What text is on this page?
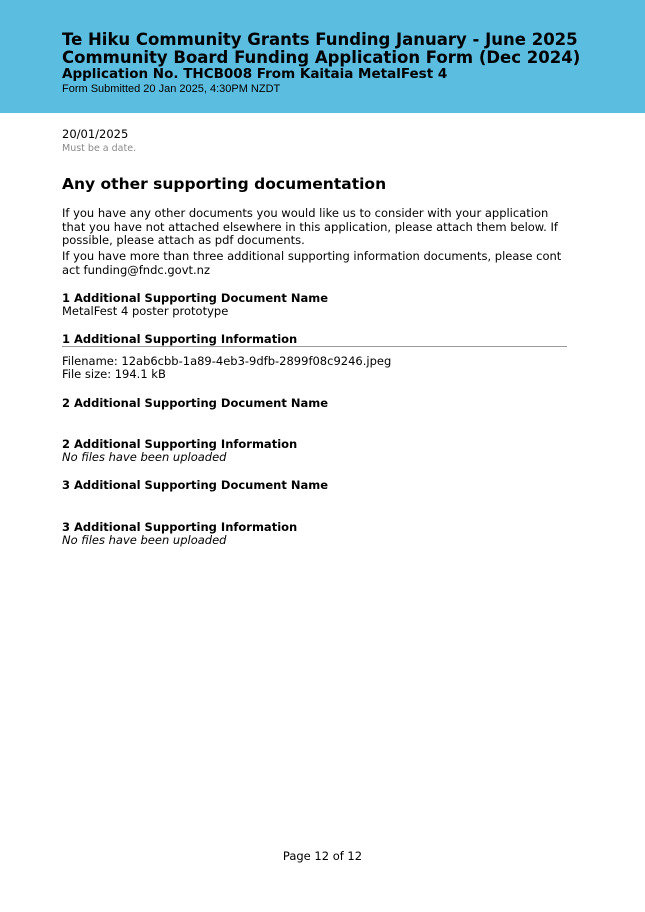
Te Hiku Community Grants Funding January - June 2025
Community Board Funding Application Form (Dec 2024)
Application No. THCB008 From Kaitaia MetalFest 4
Form Submitted 20 Jan 2025, 4:30PM NZDT
20/01/2025
Must be a date.
Any other supporting documentation
If you have any other documents you would like us to consider with your application that you have not attached elsewhere in this application, please attach them below. If possible, please attach as pdf documents.
If you have more than three additional supporting information documents, please contact funding@fndc.govt.nz
1 Additional Supporting Document Name
MetalFest 4 poster prototype
1 Additional Supporting Information
Filename: 12ab6cbb-1a89-4eb3-9dfb-2899f08c9246.jpeg
File size: 194.1 kB
2 Additional Supporting Document Name
2 Additional Supporting Information
No files have been uploaded
3 Additional Supporting Document Name
3 Additional Supporting Information
No files have been uploaded
Page 12 of 12
